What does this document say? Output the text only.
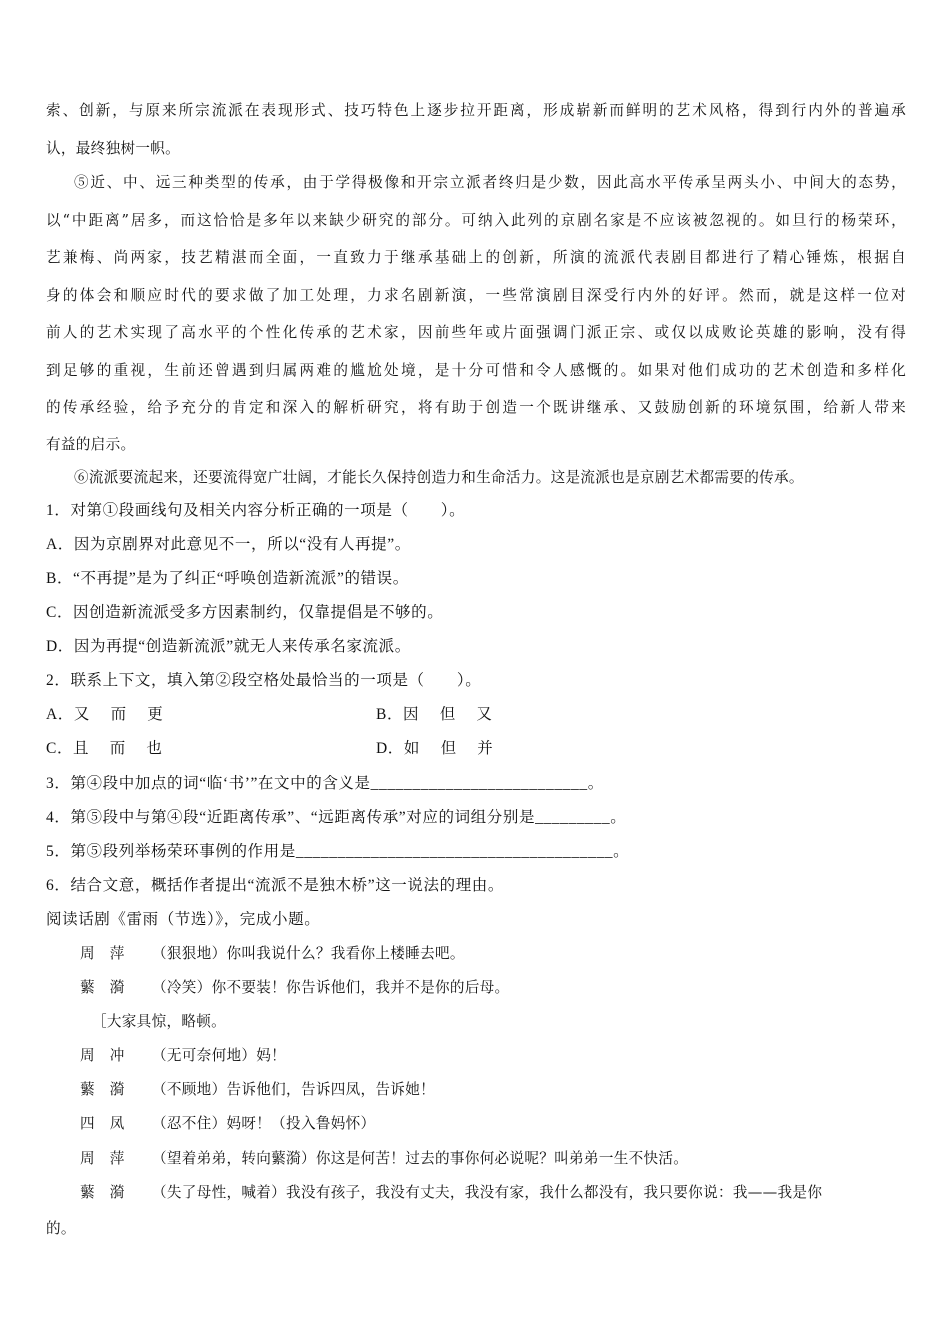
索、创新，与原来所宗流派在表现形式、技巧特色上逐步拉开距离，形成崭新而鲜明的艺术风格，得到行内外的普遍承
认，最终独树一帜。
⑤近、中、远三种类型的传承，由于学得极像和开宗立派者终归是少数，因此高水平传承呈两头小、中间大的态势，
以“中距离”居多，而这恰恰是多年以来缺少研究的部分。可纳入此列的京剧名家是不应该被忽视的。如旦行的杨荣环，
艺兼梅、尚两家，技艺精湛而全面，一直致力于继承基础上的创新，所演的流派代表剧目都进行了精心锤炼，根据自
身的体会和顺应时代的要求做了加工处理，力求名剧新演，一些常演剧目深受行内外的好评。然而，就是这样一位对
前人的艺术实现了高水平的个性化传承的艺术家，因前些年或片面强调门派正宗、或仅以成败论英雄的影响，没有得
到足够的重视，生前还曾遇到归属两难的尴尬处境，是十分可惜和令人感慨的。如果对他们成功的艺术创造和多样化
的传承经验，给予充分的肯定和深入的解析研究，将有助于创造一个既讲继承、又鼓励创新的环境氛围，给新人带来
有益的启示。
⑥流派要流起来，还要流得宽广壮阔，才能长久保持创造力和生命活力。这是流派也是京剧艺术都需要的传承。
1．对第①段画线句及相关内容分析正确的一项是（　　）。
A．因为京剧界对此意见不一，所以“没有人再提”。
B．“不再提”是为了纠正“呼唤创造新流派”的错误。
C．因创造新流派受多方因素制约，仅靠提倡是不够的。
D．因为再提“创造新流派”就无人来传承名家流派。
2．联系上下文，填入第②段空格处最恰当的一项是（　　）。
A．又　 而　 更	B．因　 但　 又
C．且　 而　 也	D．如　 但　 并
3．第④段中加点的词“临‘书’”在文中的含义是__________________________。
4．第⑤段中与第④段“近距离传承”、“远距离传承”对应的词组分别是_________。
5．第⑤段列举杨荣环事例的作用是______________________________________。
6．结合文意，概括作者提出“流派不是独木桥”这一说法的理由。
阅读话剧《雷雨（节选）》，完成小题。
周　萍 （狠狠地）你叫我说什么？我看你上楼睡去吧。
蘩　漪 （冷笑）你不要装！你告诉他们，我并不是你的后母。
［大家具惊，略顿。
周　冲 （无可奈何地）妈！
蘩　漪 （不顾地）告诉他们，告诉四凤，告诉她！
四　凤 （忍不住）妈呀！（投入鲁妈怀）
周　萍 （望着弟弟，转向蘩漪）你这是何苦！过去的事你何必说呢？叫弟弟一生不快活。
蘩　漪 （失了母性，喊着）我没有孩子，我没有丈夫，我没有家，我什么都没有，我只要你说：我——我是你
的。
